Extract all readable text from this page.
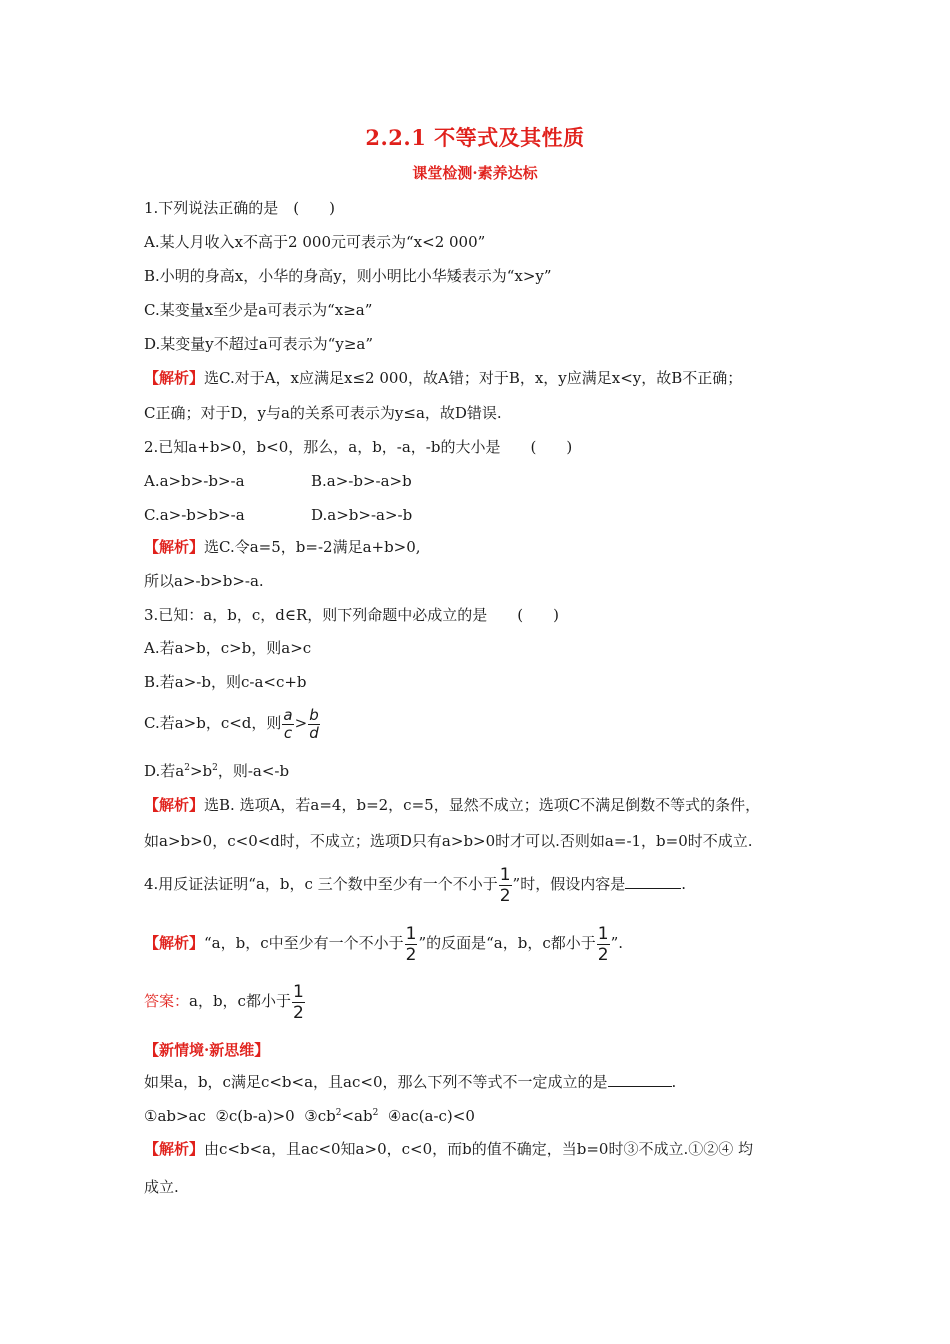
2.2.1 不等式及其性质
课堂检测·素养达标
1.下列说法正确的是　(　　)
A.某人月收入x不高于2 000元可表示为“x<2 000”
B.小明的身高x，小华的身高y，则小明比小华矮表示为“x>y”
C.某变量x至少是a可表示为“x≥a”
D.某变量y不超过a可表示为“y≥a”
【解析】选C.对于A，x应满足x≤2 000，故A错；对于B，x，y应满足x<y，故B不正确；
C正确；对于D，y与a的关系可表示为y≤a，故D错误.
2.已知a+b>0，b<0，那么，a，b，-a，-b的大小是　　(　　)
A.a>b>-b>-a	B.a>-b>-a>b
C.a>-b>b>-a	D.a>b>-a>-b
【解析】选C.令a=5，b=-2满足a+b>0,
所以a>-b>b>-a.
3.已知：a，b，c，d∈R，则下列命题中必成立的是　　(　　)
A.若a>b，c>b，则a>c
B.若a>-b，则c-a<c+b
C.若a>b，c<d，则 $\frac{a}{c} > \frac{b}{d}$
D.若$a^2>b^2$，则-a<-b
【解析】选B. 选项A，若a=4，b=2，c=5，显然不成立；选项C不满足倒数不等式的条件，
如a>b>0，c<0<d时，不成立；选项D只有a>b>0时才可以.否则如a=-1，b=0时不成立.
4.用反证法证明“a，b，c 三个数中至少有一个不小于 $\frac{1}{2}$ ”时，假设内容是	.
【解析】“a，b，c中至少有一个不小于 $\frac{1}{2}$ ”的反面是“a，b，c都小于 $\frac{1}{2}$ ”.
答案：a，b，c都小于 $\frac{1}{2}$
【新情境·新思维】
如果a，b，c满足c<b<a，且ac<0，那么下列不等式不一定成立的是	.
①ab>ac ②c(b-a)>0 $③cb^2<ab^2$ ④ac(a-c)<0
【解析】由c<b<a，且ac<0知a>0，c<0，而b的值不确定，当b=0时③不成立.①②④ 均
成立.
